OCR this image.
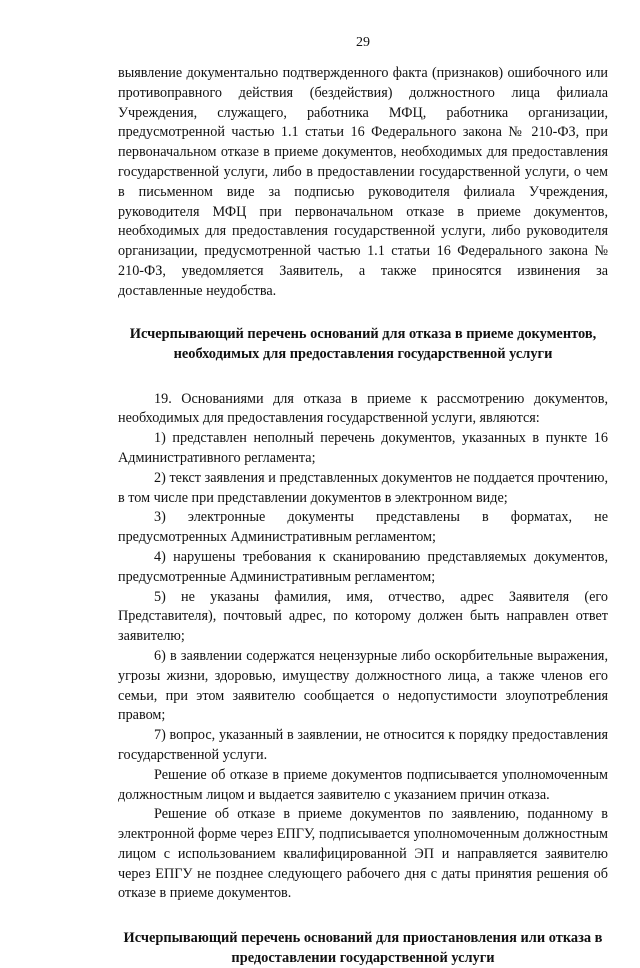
29

выявление документально подтвержденного факта (признаков) ошибочного или противоправного действия (бездействия) должностного лица филиала Учреждения, служащего, работника МФЦ, работника организации, предусмотренной частью 1.1 статьи 16 Федерального закона № 210-ФЗ, при первоначальном отказе в приеме документов, необходимых для предоставления государственной услуги, либо в предоставлении государственной услуги, о чем в письменном виде за подписью руководителя филиала Учреждения, руководителя МФЦ при первоначальном отказе в приеме документов, необходимых для предоставления государственной услуги, либо руководителя организации, предусмотренной частью 1.1 статьи 16 Федерального закона № 210-ФЗ, уведомляется Заявитель, а также приносятся извинения за доставленные неудобства.

Исчерпывающий перечень оснований для отказа в приеме документов, необходимых для предоставления государственной услуги

19. Основаниями для отказа в приеме к рассмотрению документов, необходимых для предоставления государственной услуги, являются:

1) представлен неполный перечень документов, указанных в пункте 16 Административного регламента;

2) текст заявления и представленных документов не поддается прочтению, в том числе при представлении документов в электронном виде;

3) электронные документы представлены в форматах, не предусмотренных Административным регламентом;

4) нарушены требования к сканированию представляемых документов, предусмотренные Административным регламентом;

5) не указаны фамилия, имя, отчество, адрес Заявителя (его Представителя), почтовый адрес, по которому должен быть направлен ответ заявителю;

6) в заявлении содержатся нецензурные либо оскорбительные выражения, угрозы жизни, здоровью, имуществу должностного лица, а также членов его семьи, при этом заявителю сообщается о недопустимости злоупотребления правом;

7) вопрос, указанный в заявлении, не относится к порядку предоставления государственной услуги.

Решение об отказе в приеме документов подписывается уполномоченным должностным лицом и выдается заявителю с указанием причин отказа.

Решение об отказе в приеме документов по заявлению, поданному в электронной форме через ЕПГУ, подписывается уполномоченным должностным лицом с использованием квалифицированной ЭП и направляется заявителю через ЕПГУ не позднее следующего рабочего дня с даты принятия решения об отказе в приеме документов.

Исчерпывающий перечень оснований для приостановления или отказа в предоставлении государственной услуги
